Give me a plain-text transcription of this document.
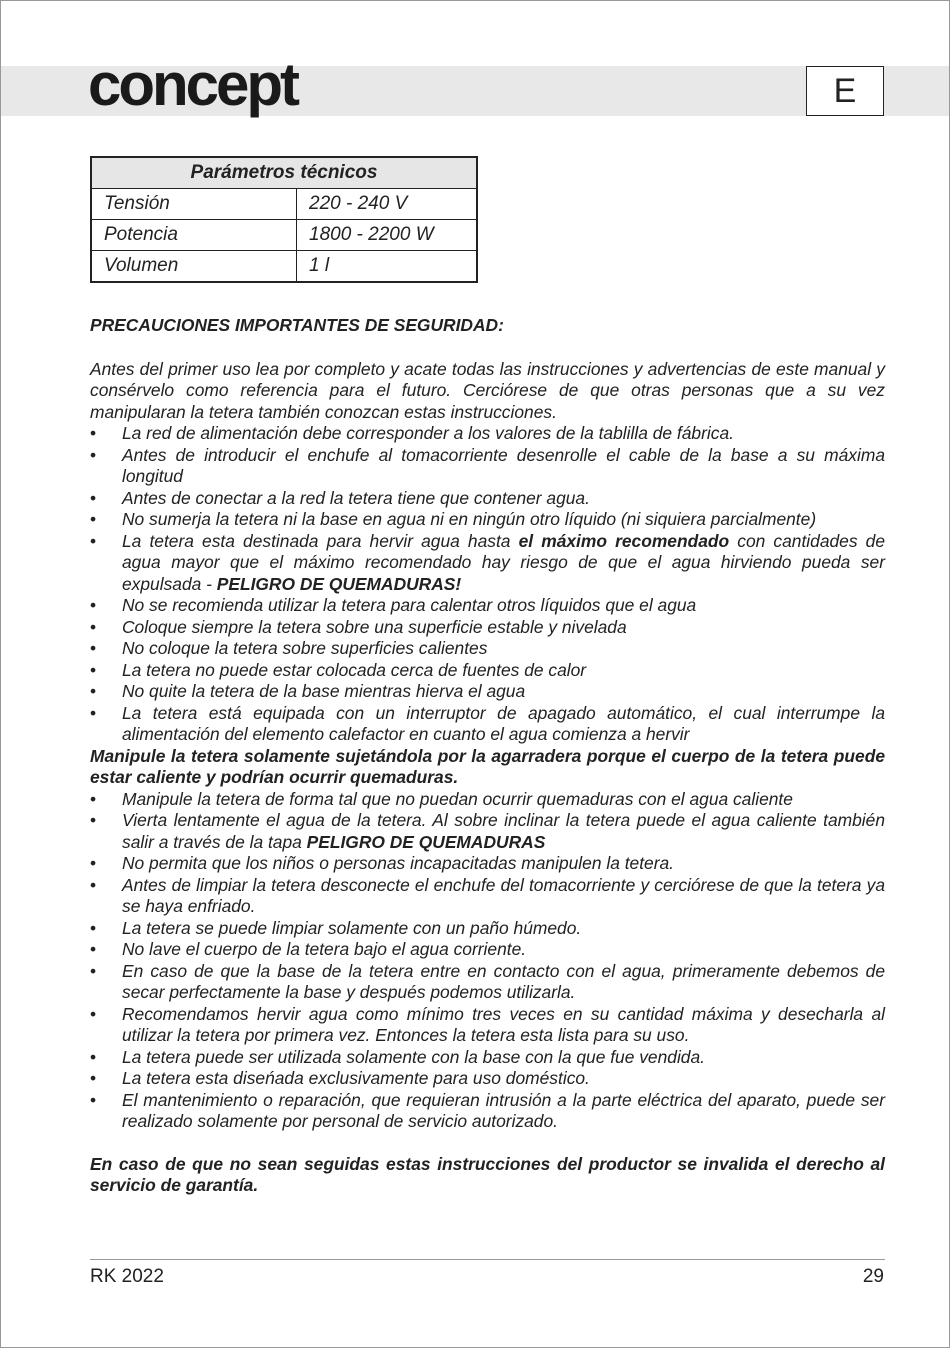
concept	E
Parámetros técnicos	
Tensión	220 - 240 V
Potencia	1800 - 2200 W
Volumen	1 l

PRECAUCIONES IMPORTANTES DE SEGURIDAD:

Antes del primer uso lea por completo y acate todas las instrucciones y advertencias de este manual y consérvelo como referencia para el futuro. Cerciórese de que otras personas que a su vez manipularan la tetera también conozcan estas instrucciones.

• La red de alimentación debe corresponder a los valores de la tablilla de fábrica.
• Antes de introducir el enchufe al tomacorriente desenrolle el cable de la base a su máxima longitud
• Antes de conectar a la red la tetera tiene que contener agua.
• No sumerja la tetera ni la base en agua ni en ningún otro líquido (ni siquiera parcialmente)
• La tetera esta destinada para hervir agua hasta el máximo recomendado con cantidades de agua mayor que el máximo recomendado hay riesgo de que el agua hirviendo pueda ser expulsada - PELIGRO DE QUEMADURAS!
• No se recomienda utilizar la tetera para calentar otros líquidos que el agua
• Coloque siempre la tetera sobre una superficie estable y nivelada
• No coloque la tetera sobre superficies calientes
• La tetera no puede estar colocada cerca de fuentes de calor
• No quite la tetera de la base mientras hierva el agua
• La tetera está equipada con un interruptor de apagado automático, el cual interrumpe la alimentación del elemento calefactor en cuanto el agua comienza a hervir

Manipule la tetera solamente sujetándola por la agarradera porque el cuerpo de la tetera puede estar caliente y podrían ocurrir quemaduras.

• Manipule la tetera de forma tal que no puedan ocurrir quemaduras con el agua caliente
• Vierta lentamente el agua de la tetera. Al sobre inclinar la tetera puede el agua caliente también salir a través de la tapa PELIGRO DE QUEMADURAS
• No permita que los niños o personas incapacitadas manipulen la tetera.
• Antes de limpiar la tetera desconecte el enchufe del tomacorriente y cerciórese de que la tetera ya se haya enfriado.
• La tetera se puede limpiar solamente con un paño húmedo.
• No lave el cuerpo de la tetera bajo el agua corriente.
• En caso de que la base de la tetera entre en contacto con el agua, primeramente debemos de secar perfectamente la base y después podemos utilizarla.
• Recomendamos hervir agua como mínimo tres veces en su cantidad máxima y desecharla al utilizar la tetera por primera vez. Entonces la tetera esta lista para su uso.
• La tetera puede ser utilizada solamente con la base con la que fue vendida.
• La tetera esta diseńada exclusivamente para uso doméstico.
• El mantenimiento o reparación, que requieran intrusión a la parte eléctrica del aparato, puede ser realizado solamente por personal de servicio autorizado.

En caso de que no sean seguidas estas instrucciones del productor se invalida el derecho al servicio de garantía.

RK 2022	29
